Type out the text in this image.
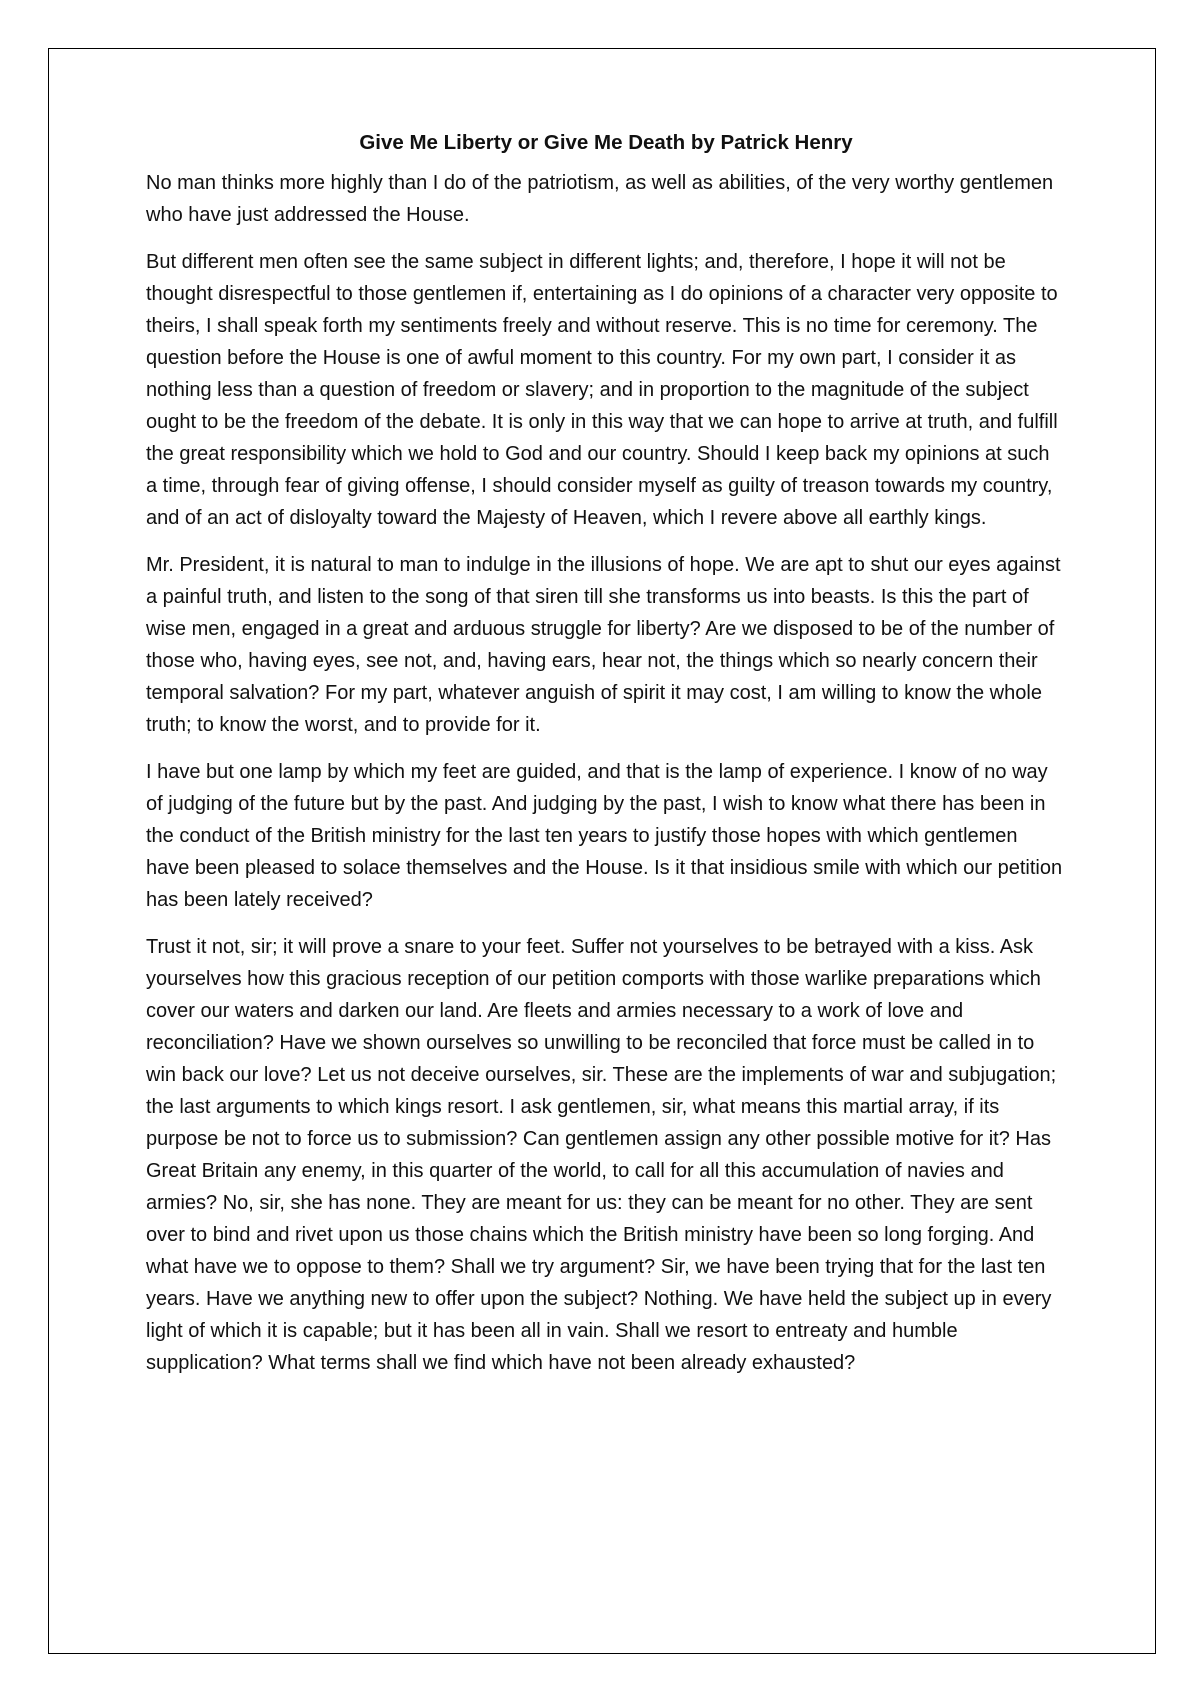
Give Me Liberty or Give Me Death by Patrick Henry

No man thinks more highly than I do of the patriotism, as well as abilities, of the very worthy gentlemen who have just addressed the House.

But different men often see the same subject in different lights; and, therefore, I hope it will not be thought disrespectful to those gentlemen if, entertaining as I do opinions of a character very opposite to theirs, I shall speak forth my sentiments freely and without reserve. This is no time for ceremony. The question before the House is one of awful moment to this country. For my own part, I consider it as nothing less than a question of freedom or slavery; and in proportion to the magnitude of the subject ought to be the freedom of the debate. It is only in this way that we can hope to arrive at truth, and fulfill the great responsibility which we hold to God and our country. Should I keep back my opinions at such a time, through fear of giving offense, I should consider myself as guilty of treason towards my country, and of an act of disloyalty toward the Majesty of Heaven, which I revere above all earthly kings.

Mr. President, it is natural to man to indulge in the illusions of hope. We are apt to shut our eyes against a painful truth, and listen to the song of that siren till she transforms us into beasts. Is this the part of wise men, engaged in a great and arduous struggle for liberty? Are we disposed to be of the number of those who, having eyes, see not, and, having ears, hear not, the things which so nearly concern their temporal salvation? For my part, whatever anguish of spirit it may cost, I am willing to know the whole truth; to know the worst, and to provide for it.

I have but one lamp by which my feet are guided, and that is the lamp of experience. I know of no way of judging of the future but by the past. And judging by the past, I wish to know what there has been in the conduct of the British ministry for the last ten years to justify those hopes with which gentlemen have been pleased to solace themselves and the House. Is it that insidious smile with which our petition has been lately received?

Trust it not, sir; it will prove a snare to your feet. Suffer not yourselves to be betrayed with a kiss. Ask yourselves how this gracious reception of our petition comports with those warlike preparations which cover our waters and darken our land. Are fleets and armies necessary to a work of love and reconciliation? Have we shown ourselves so unwilling to be reconciled that force must be called in to win back our love? Let us not deceive ourselves, sir. These are the implements of war and subjugation; the last arguments to which kings resort. I ask gentlemen, sir, what means this martial array, if its purpose be not to force us to submission? Can gentlemen assign any other possible motive for it? Has Great Britain any enemy, in this quarter of the world, to call for all this accumulation of navies and armies? No, sir, she has none. They are meant for us: they can be meant for no other. They are sent over to bind and rivet upon us those chains which the British ministry have been so long forging. And what have we to oppose to them? Shall we try argument? Sir, we have been trying that for the last ten years. Have we anything new to offer upon the subject? Nothing. We have held the subject up in every light of which it is capable; but it has been all in vain. Shall we resort to entreaty and humble supplication? What terms shall we find which have not been already exhausted?
